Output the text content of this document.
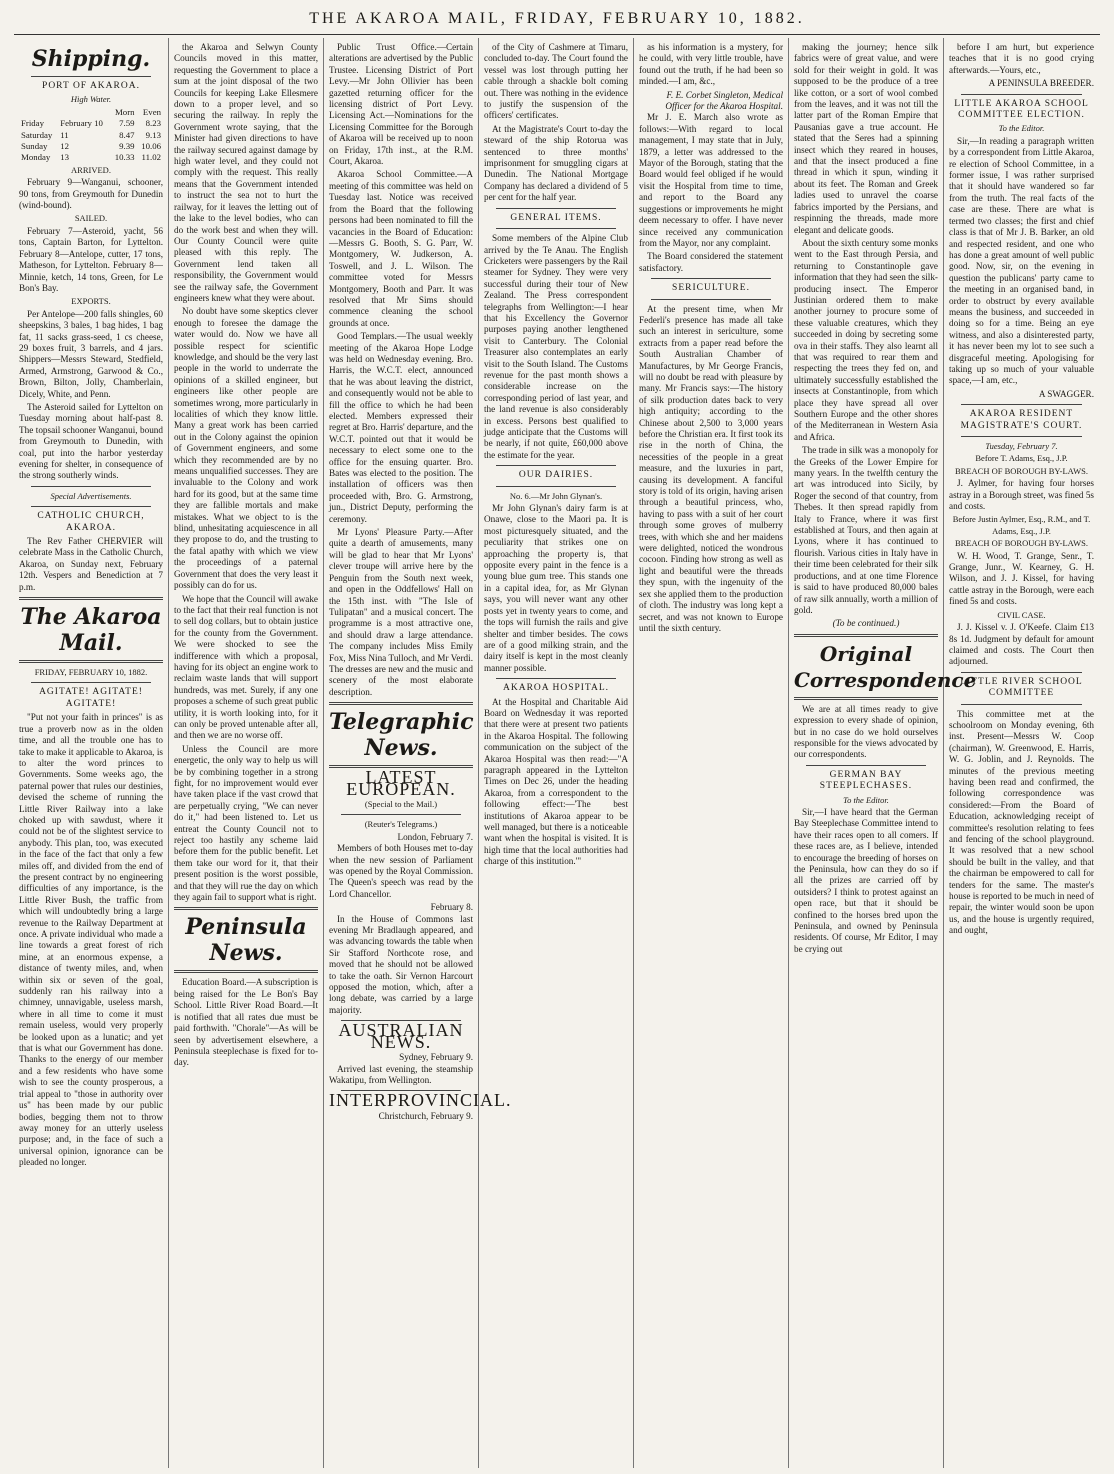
THE AKAROA MAIL, FRIDAY, FEBRUARY 10, 1882.
Shipping.
PORT OF AKAROA.
High Water.
		Morn	Even
Friday	February 10	7.59	8.23
Saturday	11	8.47	9.13
Sunday	12	9.39	10.06
Monday	13	10.33	11.02
ARRIVED.

February 9—Wanganui, schooner, 90 tons, from Greymouth for Dunedin (wind-bound).

SAILED.

February 7—Asteroid, yacht, 56 tons, Captain Barton, for Lyttelton. February 8—Antelope, cutter, 17 tons, Matheson, for Lyttelton. February 8—Minnie, ketch, 14 tons, Green, for Le Bon's Bay.

EXPORTS.

Per Antelope—200 falls shingles, 60 sheepskins, 3 bales, 1 bag hides, 1 bag fat, 11 sacks grass-seed, 1 cs cheese, 29 boxes fruit, 3 barrels, and 4 jars. Shippers—Messrs Steward, Stedfield, Armed, Armstrong, Garwood & Co., Brown, Bilton, Jolly, Chamberlain, Dicely, White, and Penn.

The Asteroid sailed for Lyttelton on Tuesday morning about half-past 8. The topsail schooner Wanganui, bound from Greymouth to Dunedin, with coal, put into the harbor yesterday evening for shelter, in consequence of the strong southerly winds.

Special Advertisements.
CATHOLIC CHURCH, AKAROA.

The Rev Father CHERVIER will celebrate Mass in the Catholic Church, Akaroa, on Sunday next, February 12th. Vespers and Benediction at 7 p.m.

The Akaroa Mail.
FRIDAY, FEBRUARY 10, 1882.
AGITATE! AGITATE! AGITATE!

"Put not your faith in princes" is as true a proverb now as in the olden time, and all the trouble one has to take to make it applicable to Akaroa, is to alter the word princes to Governments. Some weeks ago, the paternal power that rules our destinies, devised the scheme of running the Little River Railway into a lake choked up with sawdust, where it could not be of the slightest service to anybody. This plan, too, was executed in the face of the fact that only a few miles off, and divided from the end of the present contract by no engineering difficulties of any importance, is the Little River Bush, the traffic from which will undoubtedly bring a large revenue to the Railway Department at once. A private individual who made a line towards a great forest of rich mine, at an enormous expense, a distance of twenty miles, and, when within six or seven of the goal, suddenly ran his railway into a chimney, unnavigable, useless marsh, where in all time to come it must remain useless, would very properly be looked upon as a lunatic; and yet that is what our Government has done. Thanks to the energy of our member and a few residents who have some wish to see the county prosperous, a trial appeal to "those in authority over us" has been made by our public bodies, begging them not to throw away money for an utterly useless purpose; and, in the face of such a universal opinion, ignorance can be pleaded no longer.

the Akaroa and Selwyn County Councils moved in this matter, requesting the Government to place a sum at the joint disposal of the two Councils for keeping Lake Ellesmere down to a proper level, and so securing the railway. In reply the Government wrote saying, that the Minister had given directions to have the railway secured against damage by high water level, and they could not comply with the request. This really means that the Government intended to instruct the sea not to hurt the railway, for it leaves the letting out of the lake to the level bodies, who can do the work best and when they will. Our County Council were quite pleased with this reply. The Government lend taken all responsibility, the Government would see the railway safe, the Government engineers knew what they were about.

No doubt have some skeptics clever enough to foresee the damage the water would do. Now we have all possible respect for scientific knowledge, and should be the very last people in the world to underrate the opinions of a skilled engineer, but engineers like other people are sometimes wrong, more particularly in localities of which they know little. Many a great work has been carried out in the Colony against the opinion of Government engineers, and some which they recommended are by no means unqualified successes. They are invaluable to the Colony and work hard for its good, but at the same time they are fallible mortals and make mistakes. What we object to is the blind, unhesitating acquiescence in all they propose to do, and the trusting to the fatal apathy with which we view the proceedings of a paternal Government that does the very least it possibly can do for us.

We hope that the Council will awake to the fact that their real function is not to sell dog collars, but to obtain justice for the county from the Government. We were shocked to see the indifference with which a proposal, having for its object an engine work to reclaim waste lands that will support hundreds, was met. Surely, if any one proposes a scheme of such great public utility, it is worth looking into, for it can only be proved untenable after all, and then we are no worse off.

Unless the Council are more energetic, the only way to help us will be by combining together in a strong fight, for no improvement would ever have taken place if the vast crowd that are perpetually crying, "We can never do it," had been listened to. Let us entreat the County Council not to reject too hastily any scheme laid before them for the public benefit. Let them take our word for it, that their present position is the worst possible, and that they will rue the day on which they again fail to support what is right.

Peninsula News.

Education Board.—A subscription is being raised for the Le Bon's Bay School. Little River Road Board.—It is notified that all rates due must be paid forthwith. "Chorale"—As will be seen by advertisement elsewhere, a Peninsula steeplechase is fixed for to-day.

Public Trust Office.—Certain alterations are advertised by the Public Trustee. Licensing District of Port Levy.—Mr John Ollivier has been gazetted returning officer for the licensing district of Port Levy. Licensing Act.—Nominations for the Licensing Committee for the Borough of Akaroa will be received up to noon on Friday, 17th inst., at the R.M. Court, Akaroa.

Akaroa School Committee.—A meeting of this committee was held on Tuesday last. Notice was received from the Board that the following persons had been nominated to fill the vacancies in the Board of Education:—Messrs G. Booth, S. G. Parr, W. Montgomery, W. Judkerson, A. Toswell, and J. L. Wilson. The committee voted for Messrs Montgomery, Booth and Parr. It was resolved that Mr Sims should commence cleaning the school grounds at once.

Good Templars.—The usual weekly meeting of the Akaroa Hope Lodge was held on Wednesday evening. Bro. Harris, the W.C.T. elect, announced that he was about leaving the district, and consequently would not be able to fill the office to which he had been elected. Members expressed their regret at Bro. Harris' departure, and the W.C.T. pointed out that it would be necessary to elect some one to the office for the ensuing quarter. Bro. Bates was elected to the position. The installation of officers was then proceeded with, Bro. G. Armstrong, jun., District Deputy, performing the ceremony.

Mr Lyons' Pleasure Party.—After quite a dearth of amusements, many will be glad to hear that Mr Lyons' clever troupe will arrive here by the Penguin from the South next week, and open in the Oddfellows' Hall on the 15th inst. with "The Isle of Tulipatan" and a musical concert. The programme is a most attractive one, and should draw a large attendance. The company includes Miss Emily Fox, Miss Nina Tulloch, and Mr Verdi. The dresses are new and the music and scenery of the most elaborate description.

Telegraphic News.
LATEST EUROPEAN.
(Special to the Mail.)
(Reuter's Telegrams.)
London, February 7.

Members of both Houses met to-day when the new session of Parliament was opened by the Royal Commission. The Queen's speech was read by the Lord Chancellor.

February 8.

In the House of Commons last evening Mr Bradlaugh appeared, and was advancing towards the table when Sir Stafford Northcote rose, and moved that he should not be allowed to take the oath. Sir Vernon Harcourt opposed the motion, which, after a long debate, was carried by a large majority.

AUSTRALIAN NEWS.
Sydney, February 9.

Arrived last evening, the steamship Wakatipu, from Wellington.

INTERPROVINCIAL.
Christchurch, February 9.

of the City of Cashmere at Timaru, concluded to-day. The Court found the vessel was lost through putting her cable through a shackle bolt coming out. There was nothing in the evidence to justify the suspension of the officers' certificates.

At the Magistrate's Court to-day the steward of the ship Rotorua was sentenced to three months' imprisonment for smuggling cigars at Dunedin. The National Mortgage Company has declared a dividend of 5 per cent for the half year.

GENERAL ITEMS.

Some members of the Alpine Club arrived by the Te Anau. The English Cricketers were passengers by the Rail steamer for Sydney. They were very successful during their tour of New Zealand. The Press correspondent telegraphs from Wellington:—I hear that his Excellency the Governor purposes paying another lengthened visit to Canterbury. The Colonial Treasurer also contemplates an early visit to the South Island. The Customs revenue for the past month shows a considerable increase on the corresponding period of last year, and the land revenue is also considerably in excess. Persons best qualified to judge anticipate that the Customs will be nearly, if not quite, £60,000 above the estimate for the year.

OUR DAIRIES.
No. 6.—Mr John Glynan's.

Mr John Glynan's dairy farm is at Onawe, close to the Maori pa. It is most picturesquely situated, and the peculiarity that strikes one on approaching the property is, that opposite every paint in the fence is a young blue gum tree. This stands one in a capital idea, for, as Mr Glynan says, you will never want any other posts yet in twenty years to come, and the tops will furnish the rails and give shelter and timber besides. The cows are of a good milking strain, and the dairy itself is kept in the most cleanly manner possible.

AKAROA HOSPITAL.

At the Hospital and Charitable Aid Board on Wednesday it was reported that there were at present two patients in the Akaroa Hospital. The following communication on the subject of the Akaroa Hospital was then read:—"A paragraph appeared in the Lyttelton Times on Dec 26, under the heading Akaroa, from a correspondent to the following effect:—'The best institutions of Akaroa appear to be well managed, but there is a noticeable want when the hospital is visited. It is high time that the local authorities had charge of this institution.'"

as his information is a mystery, for he could, with very little trouble, have found out the truth, if he had been so minded.—I am, &c.,

F. E. Corbet Singleton, Medical Officer for the Akaroa Hospital.

Mr J. E. March also wrote as follows:—With regard to local management, I may state that in July, 1879, a letter was addressed to the Mayor of the Borough, stating that the Board would feel obliged if he would visit the Hospital from time to time, and report to the Board any suggestions or improvements he might deem necessary to offer. I have never since received any communication from the Mayor, nor any complaint.

The Board considered the statement satisfactory.

SERICULTURE.

At the present time, when Mr Federli's presence has made all take such an interest in sericulture, some extracts from a paper read before the South Australian Chamber of Manufactures, by Mr George Francis, will no doubt be read with pleasure by many. Mr Francis says:—The history of silk production dates back to very high antiquity; according to the Chinese about 2,500 to 3,000 years before the Christian era. It first took its rise in the north of China, the necessities of the people in a great measure, and the luxuries in part, causing its development. A fanciful story is told of its origin, having arisen through a beautiful princess, who, having to pass with a suit of her court through some groves of mulberry trees, with which she and her maidens were delighted, noticed the wondrous cocoon. Finding how strong as well as light and beautiful were the threads they spun, with the ingenuity of the sex she applied them to the production of cloth. The industry was long kept a secret, and was not known to Europe until the sixth century.

making the journey; hence silk fabrics were of great value, and were sold for their weight in gold. It was supposed to be the produce of a tree like cotton, or a sort of wool combed from the leaves, and it was not till the latter part of the Roman Empire that Pausanias gave a true account. He stated that the Seres had a spinning insect which they reared in houses, and that the insect produced a fine thread in which it spun, winding it about its feet. The Roman and Greek ladies used to unravel the coarse fabrics imported by the Persians, and respinning the threads, made more elegant and delicate goods.

About the sixth century some monks went to the East through Persia, and returning to Constantinople gave information that they had seen the silk-producing insect. The Emperor Justinian ordered them to make another journey to procure some of these valuable creatures, which they succeeded in doing by secreting some ova in their staffs. They also learnt all that was required to rear them and respecting the trees they fed on, and ultimately successfully established the insects at Constantinople, from which place they have spread all over Southern Europe and the other shores of the Mediterranean in Western Asia and Africa.

The trade in silk was a monopoly for the Greeks of the Lower Empire for many years. In the twelfth century the art was introduced into Sicily, by Roger the second of that country, from Thebes. It then spread rapidly from Italy to France, where it was first established at Tours, and then again at Lyons, where it has continued to flourish. Various cities in Italy have in their time been celebrated for their silk productions, and at one time Florence is said to have produced 80,000 bales of raw silk annually, worth a million of gold.

(To be continued.)
Original Correspondence

We are at all times ready to give expression to every shade of opinion, but in no case do we hold ourselves responsible for the views advocated by our correspondents.

GERMAN BAY STEEPLECHASES.
To the Editor.

Sir,—I have heard that the German Bay Steeplechase Committee intend to have their races open to all comers. If these races are, as I believe, intended to encourage the breeding of horses on the Peninsula, how can they do so if all the prizes are carried off by outsiders? I think to protest against an open race, but that it should be confined to the horses bred upon the Peninsula, and owned by Peninsula residents. Of course, Mr Editor, I may be crying out

before I am hurt, but experience teaches that it is no good crying afterwards.—Yours, etc.,

A PENINSULA BREEDER.
LITTLE AKAROA SCHOOL COMMITTEE ELECTION.
To the Editor.

Sir,—In reading a paragraph written by a correspondent from Little Akaroa, re election of School Committee, in a former issue, I was rather surprised that it should have wandered so far from the truth. The real facts of the case are these. There are what is termed two classes; the first and chief class is that of Mr J. B. Barker, an old and respected resident, and one who has done a great amount of well public good. Now, sir, on the evening in question the publicans' party came to the meeting in an organised band, in order to obstruct by every available means the business, and succeeded in doing so for a time. Being an eye witness, and also a disinterested party, it has never been my lot to see such a disgraceful meeting. Apologising for taking up so much of your valuable space,—I am, etc.,

A SWAGGER.
AKAROA RESIDENT MAGISTRATE'S COURT.
Tuesday, February 7.
Before T. Adams, Esq., J.P.
BREACH OF BOROUGH BY-LAWS.

J. Aylmer, for having four horses astray in a Borough street, was fined 5s and costs.

Before Justin Aylmer, Esq., R.M., and T. Adams, Esq., J.P.
BREACH OF BOROUGH BY-LAWS.

W. H. Wood, T. Grange, Senr., T. Grange, Junr., W. Kearney, G. H. Wilson, and J. J. Kissel, for having cattle astray in the Borough, were each fined 5s and costs.

CIVIL CASE.

J. J. Kissel v. J. O'Keefe. Claim £13 8s 1d. Judgment by default for amount claimed and costs. The Court then adjourned.

LITTLE RIVER SCHOOL COMMITTEE

This committee met at the schoolroom on Monday evening, 6th inst. Present—Messrs W. Coop (chairman), W. Greenwood, E. Harris, W. G. Joblin, and J. Reynolds. The minutes of the previous meeting having been read and confirmed, the following correspondence was considered:—From the Board of Education, acknowledging receipt of committee's resolution relating to fees and fencing of the school playground. It was resolved that a new school should be built in the valley, and that the chairman be empowered to call for tenders for the same. The master's house is reported to be much in need of repair, the winter would soon be upon us, and the house is urgently required, and ought,
